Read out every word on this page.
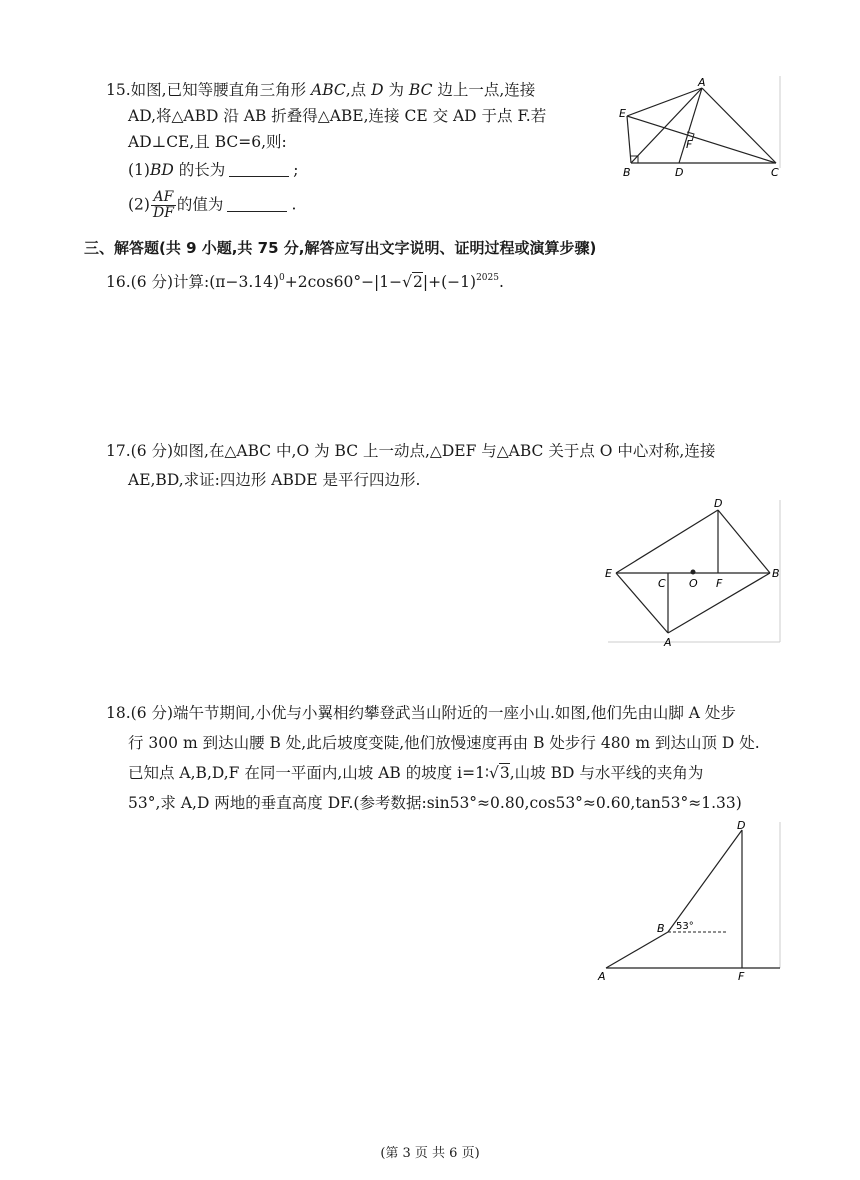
15.如图,已知等腰直角三角形 ABC,点 D 为 BC 边上一点,连接
AD,将△ABD 沿 AB 折叠得△ABE,连接 CE 交 AD 于点 F.若
AD⊥CE,且 BC=6,则:
(1)BD 的长为	;
$(2) \frac{AF}{DF}$ 的值为	.
A
E
B	D	C
F
三、解答题(共 9 小题,共 75 分,解答应写出文字说明、证明过程或演算步骤)
16.(6 分)计算$:(\pi-3.14)^0+2\cos 60^\circ-|1-√2|+(-1)^{2025}$.
17.(6 分)如图,在△ABC 中,O 为 BC 上一动点,△DEF 与△ABC 关于点 O 中心对称,连接
AE,BD,求证:四边形 ABDE 是平行四边形.
D
E	B
C O F
A
18.(6 分)端午节期间,小优与小翼相约攀登武当山附近的一座小山.如图,他们先由山脚 A 处步
行 300 m 到达山腰 B 处,此后坡度变陡,他们放慢速度再由 B 处步行 480 m 到达山顶 D 处.
已知点 A,B,D,F 在同一平面内,山坡 AB 的坡度 i=1∶√3,山坡 BD 与水平线的夹角为
53°,求 A,D 两地的垂直高度 DF.(参考数据:sin53°≈0.80,cos53°≈0.60,tan53°≈1.33)
D
B 53°
A	F
(第 3 页 共 6 页)
